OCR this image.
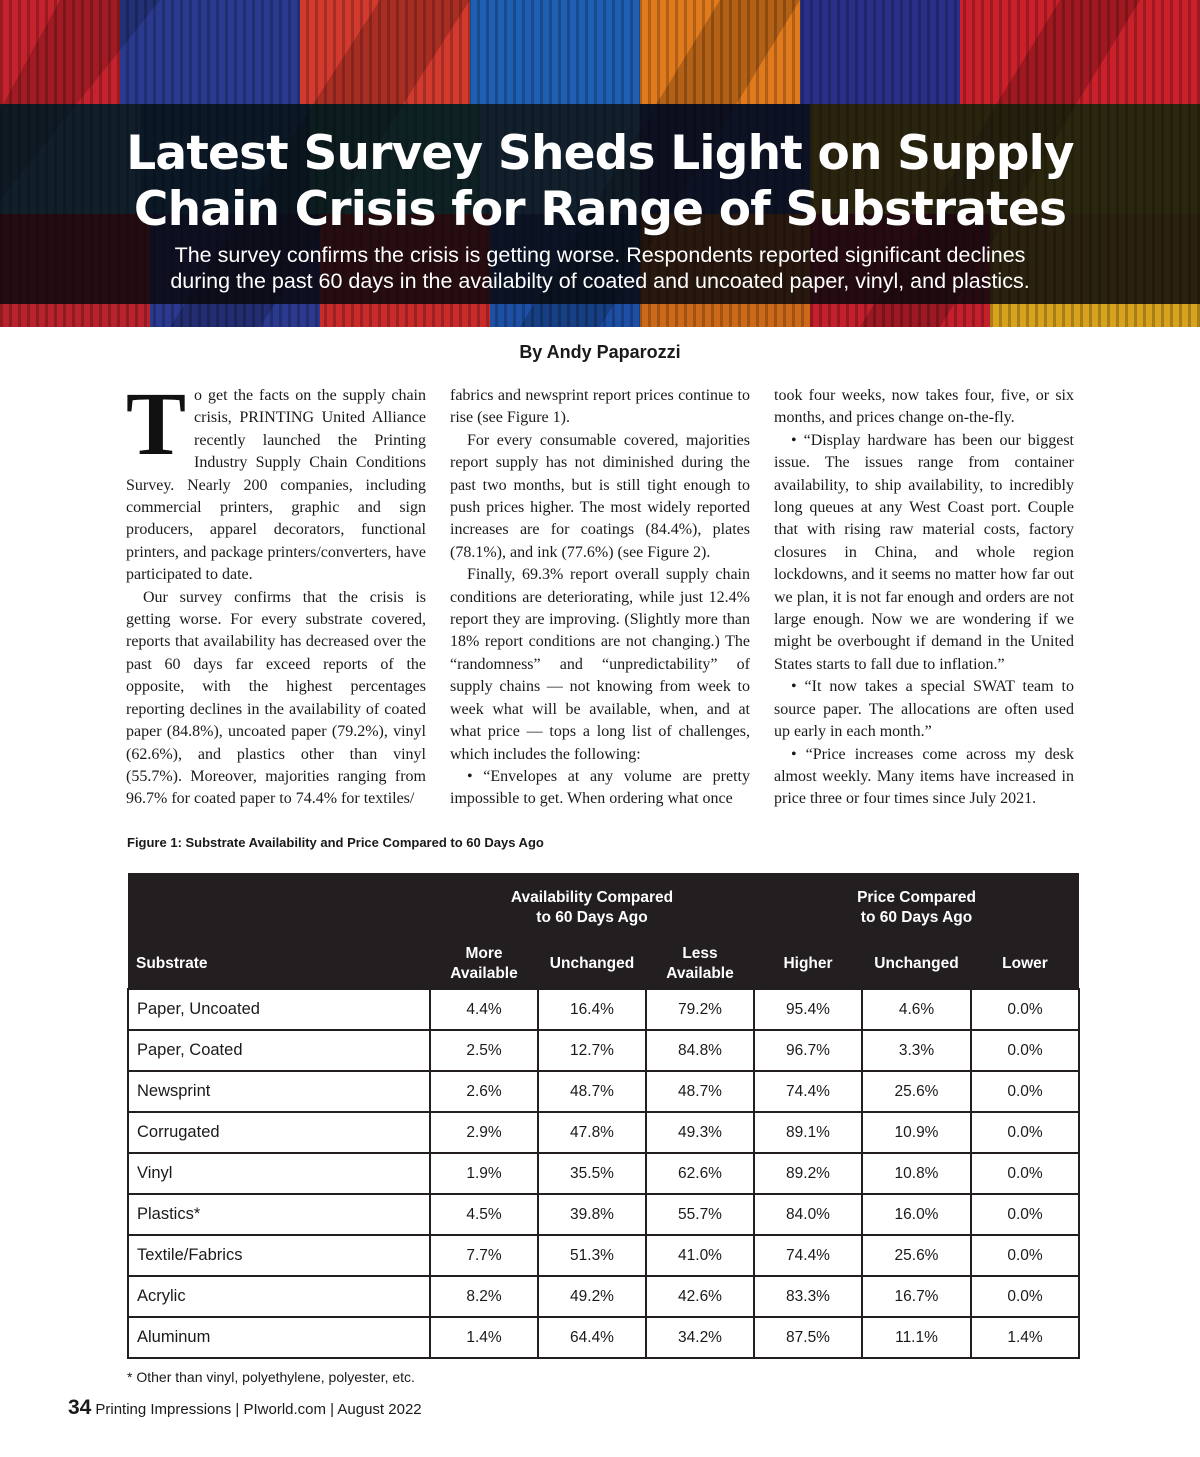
Latest Survey Sheds Light on Supply
Chain Crisis for Range of Substrates

The survey confirms the crisis is getting worse. Respondents reported significant declines
during the past 60 days in the availabilty of coated and uncoated paper, vinyl, and plastics.

By Andy Paparozzi
T o get the facts on the supply chain crisis, PRINTING United Alliance recently launched the Printing Industry Supply Chain Conditions Survey. Nearly 200 companies, including commercial printers, graphic and sign producers, apparel decorators, functional printers, and package printers/converters, have participated to date.

Our survey confirms that the crisis is getting worse. For every substrate covered, reports that availability has decreased over the past 60 days far exceed reports of the opposite, with the highest percentages reporting declines in the availability of coated paper (84.8%), uncoated paper (79.2%), vinyl (62.6%), and plastics other than vinyl (55.7%). Moreover, majorities ranging from 96.7% for coated paper to 74.4% for textiles/

fabrics and newsprint report prices continue to rise (see Figure 1).

For every consumable covered, majorities report supply has not diminished during the past two months, but is still tight enough to push prices higher. The most widely reported increases are for coatings (84.4%), plates (78.1%), and ink (77.6%) (see Figure 2).

Finally, 69.3% report overall supply chain conditions are deteriorating, while just 12.4% report they are improving. (Slightly more than 18% report conditions are not changing.) The “randomness” and “unpredictability” of supply chains — not knowing from week to week what will be available, when, and at what price — tops a long list of challenges, which includes the following:

• “Envelopes at any volume are pretty impossible to get. When ordering what once

took four weeks, now takes four, five, or six months, and prices change on-the-fly.

• “Display hardware has been our biggest issue. The issues range from container availability, to ship availability, to incredibly long queues at any West Coast port. Couple that with rising raw material costs, factory closures in China, and whole region lockdowns, and it seems no matter how far out we plan, it is not far enough and orders are not large enough. Now we are wondering if we might be overbought if demand in the United States starts to fall due to inflation.”

• “It now takes a special SWAT team to source paper. The allocations are often used up early in each month.”

• “Price increases come across my desk almost weekly. Many items have increased in price three or four times since July 2021.

Figure 1: Substrate Availability and Price Compared to 60 Days Ago
	Availability Compared
to 60 Days Ago			Price Compared
to 60 Days Ago		
Substrate	More
Available	Unchanged	Less
Available	Higher	Unchanged	Lower
Paper, Uncoated	4.4%	16.4%	79.2%	95.4%	4.6%	0.0%
Paper, Coated	2.5%	12.7%	84.8%	96.7%	3.3%	0.0%
Newsprint	2.6%	48.7%	48.7%	74.4%	25.6%	0.0%
Corrugated	2.9%	47.8%	49.3%	89.1%	10.9%	0.0%
Vinyl	1.9%	35.5%	62.6%	89.2%	10.8%	0.0%
Plastics*	4.5%	39.8%	55.7%	84.0%	16.0%	0.0%
Textile/Fabrics	7.7%	51.3%	41.0%	74.4%	25.6%	0.0%
Acrylic	8.2%	49.2%	42.6%	83.3%	16.7%	0.0%
Aluminum	1.4%	64.4%	34.2%	87.5%	11.1%	1.4%
* Other than vinyl, polyethylene, polyester, etc.
34 Printing Impressions | PIworld.com | August 2022
